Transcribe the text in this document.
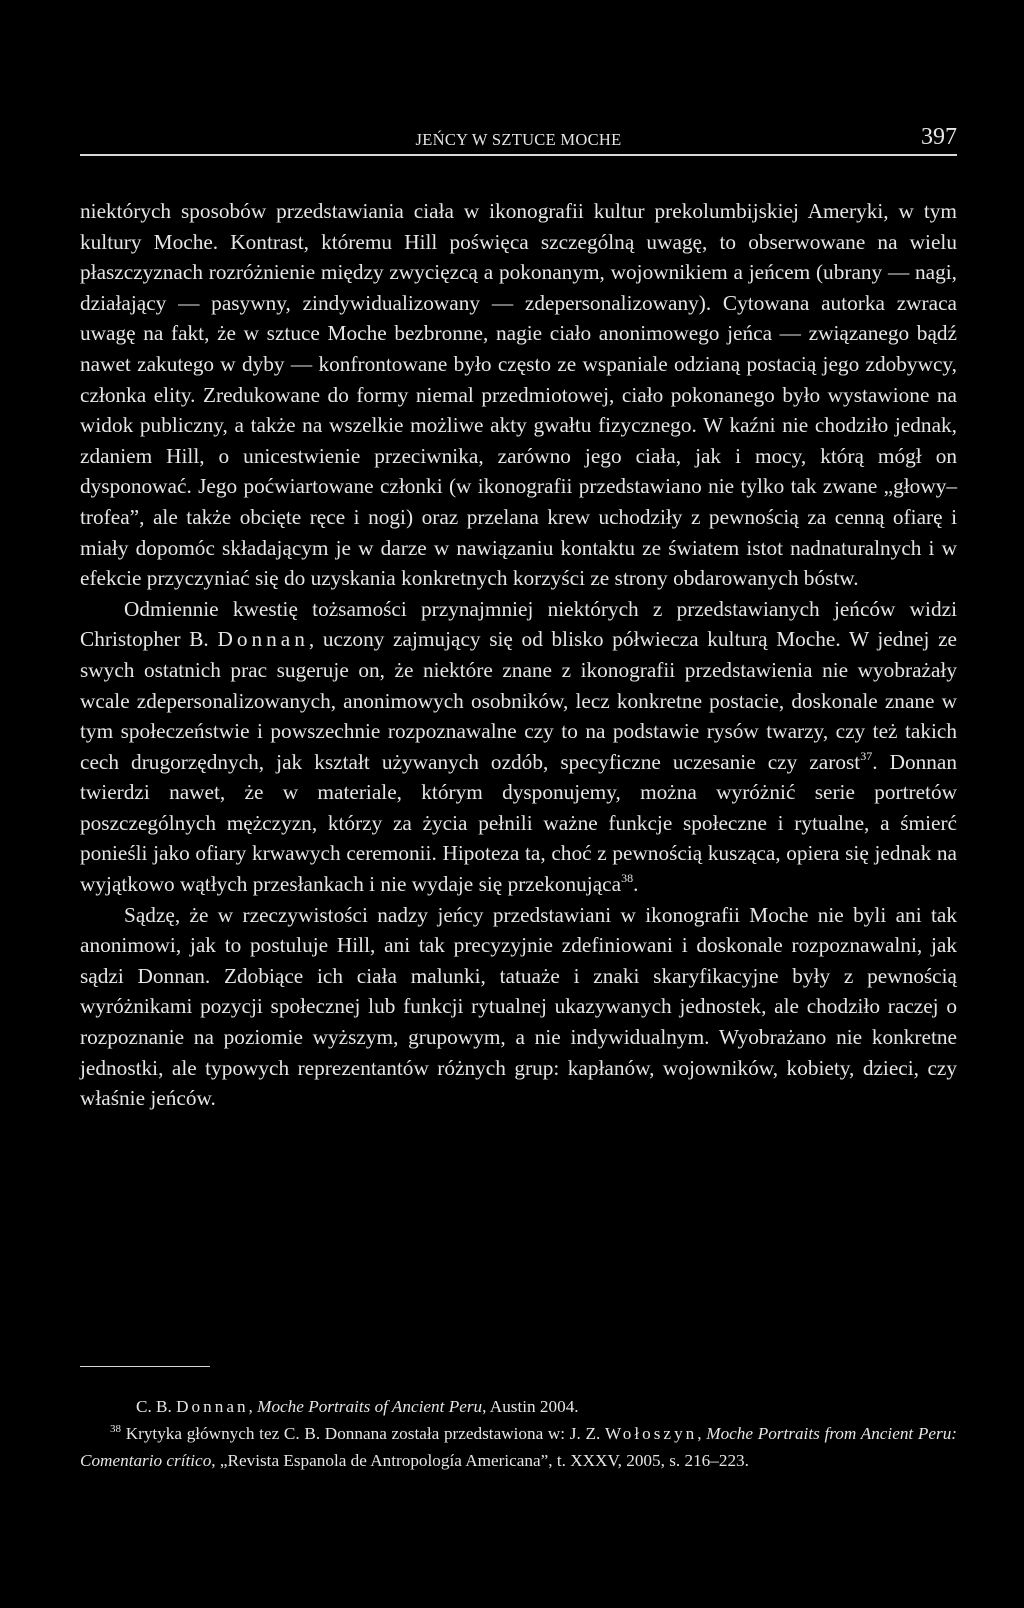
JEŃCY W SZTUCE MOCHE	397

niektórych sposobów przedstawiania ciała w ikonografii kultur prekolumbijskiej Ameryki, w tym kultury Moche. Kontrast, któremu Hill poświęca szczególną uwagę, to obserwowane na wielu płaszczyznach rozróżnienie między zwycięzcą a pokonanym, wojownikiem a jeńcem (ubrany — nagi, działający — pasywny, zindywidualizowany — zdepersonalizowany). Cytowana autorka zwraca uwagę na fakt, że w sztuce Moche bezbronne, nagie ciało anonimowego jeńca — związanego bądź nawet zakutego w dyby — konfrontowane było często ze wspaniale odzianą postacią jego zdobywcy, członka elity. Zredukowane do formy niemal przedmiotowej, ciało pokonanego było wystawione na widok publiczny, a także na wszelkie możliwe akty gwałtu fizycznego. W kaźni nie chodziło jednak, zdaniem Hill, o unicestwienie przeciwnika, zarówno jego ciała, jak i mocy, którą mógł on dysponować. Jego poćwiartowane członki (w ikonografii przedstawiano nie tylko tak zwane „głowy–trofea”, ale także obcięte ręce i nogi) oraz przelana krew uchodziły z pewnością za cenną ofiarę i miały dopomóc składającym je w darze w nawiązaniu kontaktu ze światem istot nadnaturalnych i w efekcie przyczyniać się do uzyskania konkretnych korzyści ze strony obdarowanych bóstw.

Odmiennie kwestię tożsamości przynajmniej niektórych z przedstawianych jeńców widzi Christopher B. Donnan, uczony zajmujący się od blisko półwiecza kulturą Moche. W jednej ze swych ostatnich prac sugeruje on, że niektóre znane z ikonografii przedstawienia nie wyobrażały wcale zdepersonalizowanych, anonimowych osobników, lecz konkretne postacie, doskonale znane w tym społeczeństwie i powszechnie rozpoznawalne czy to na podstawie rysów twarzy, czy też takich cech drugorzędnych, jak kształt używanych ozdób, specyficzne uczesanie czy zarost$^{37}$. Donnan twierdzi nawet, że w materiale, którym dysponujemy, można wyróżnić serie portretów poszczególnych mężczyzn, którzy za życia pełnili ważne funkcje społeczne i rytualne, a śmierć ponieśli jako ofiary krwawych ceremonii. Hipoteza ta, choć z pewnością kusząca, opiera się jednak na wyjątkowo wątłych przesłankach i nie wydaje się przekonująca$^{38}$.

Sądzę, że w rzeczywistości nadzy jeńcy przedstawiani w ikonografii Moche nie byli ani tak anonimowi, jak to postuluje Hill, ani tak precyzyjnie zdefiniowani i doskonale rozpoznawalni, jak sądzi Donnan. Zdobiące ich ciała malunki, tatuaże i znaki skaryfikacyjne były z pewnością wyróżnikami pozycji społecznej lub funkcji rytualnej ukazywanych jednostek, ale chodziło raczej o rozpoznanie na poziomie wyższym, grupowym, a nie indywidualnym. Wyobrażano nie konkretne jednostki, ale typowych reprezentantów różnych grup: kapłanów, wojowników, kobiety, dzieci, czy właśnie jeńców.

C. B. Donnan, Moche Portraits of Ancient Peru, Austin 2004.

$^{38}$ Krytyka głównych tez C. B. Donnana została przedstawiona w: J. Z. Wołoszyn, Moche Portraits from Ancient Peru: Comentario crítico, „Revista Espanola de Antropología Americana”, t. XXXV, 2005, s. 216–223.
